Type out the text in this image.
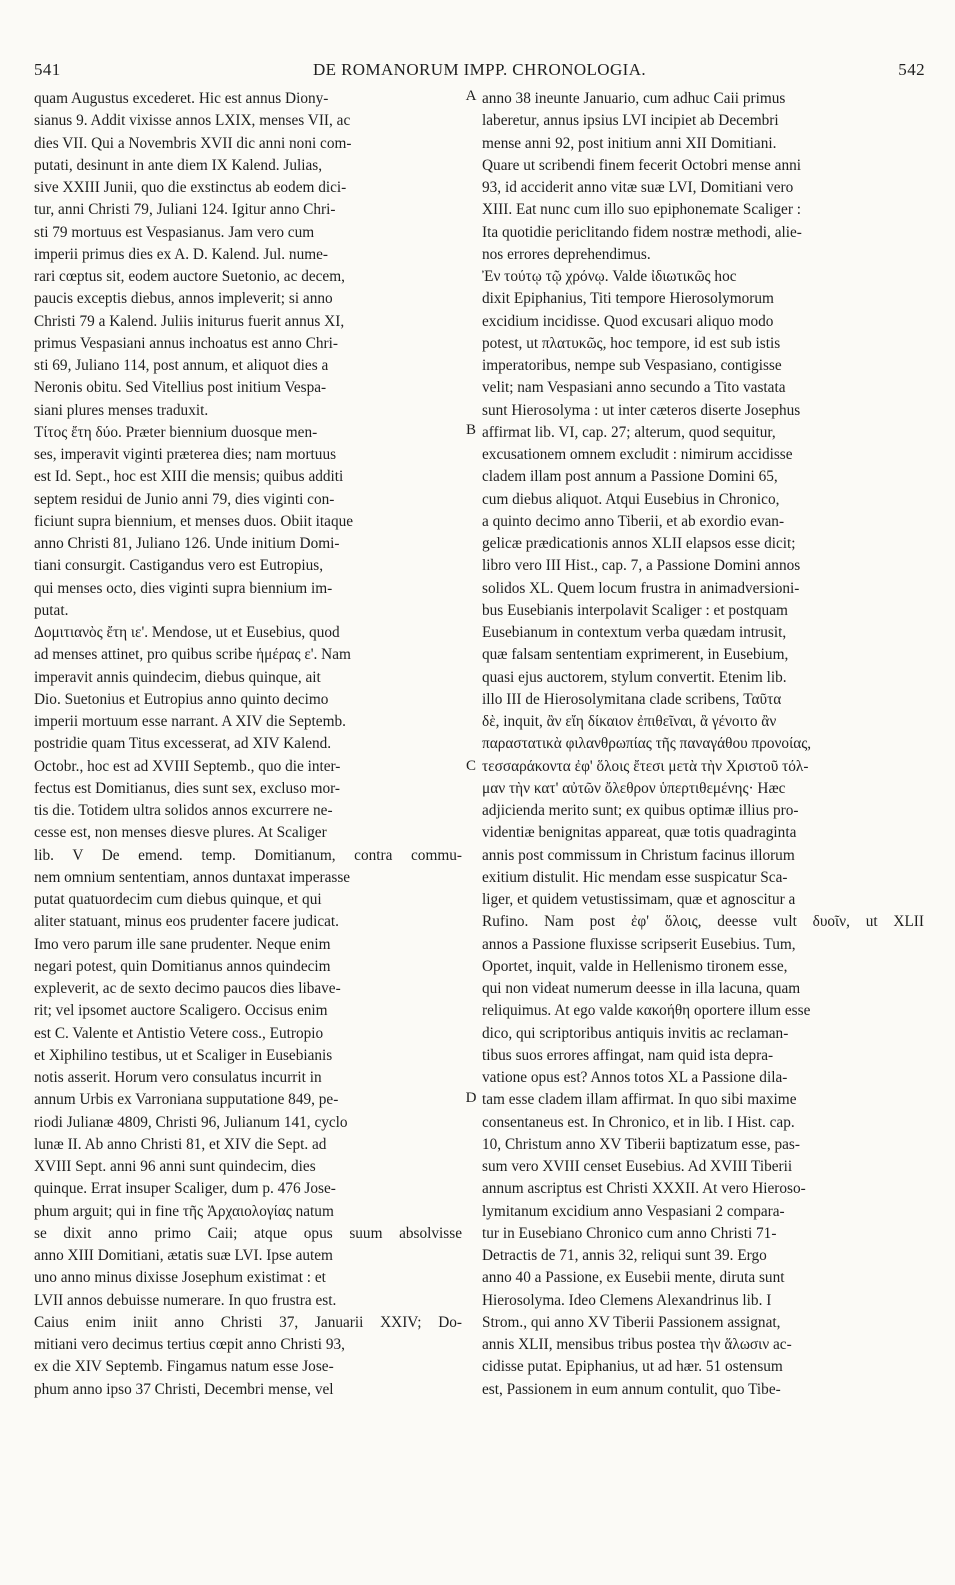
541	DE ROMANORUM IMPP. CHRONOLOGIA.	542
A
B
C
D
quam Augustus excederet. Hic est annus Diony-
sianus 9. Addit vixisse annos LXIX, menses VII, ac
dies VII. Qui a Novembris XVII dic anni noni com-
putati, desinunt in ante diem IX Kalend. Julias,
sive XXIII Junii, quo die exstinctus ab eodem dici-
tur, anni Christi 79, Juliani 124. Igitur anno Chri-
sti 79 mortuus est Vespasianus. Jam vero cum
imperii primus dies ex A. D. Kalend. Jul. nume-
rari cœptus sit, eodem auctore Suetonio, ac decem,
paucis exceptis diebus, annos impleverit; si anno
Christi 79 a Kalend. Juliis initurus fuerit annus XI,
primus Vespasiani annus inchoatus est anno Chri-
sti 69, Juliano 114, post annum, et aliquot dies a
Neronis obitu. Sed Vitellius post initium Vespa-
siani plures menses traduxit.
Τίτος ἔτη δύο. Præter biennium duosque men-
ses, imperavit viginti præterea dies; nam mortuus
est Id. Sept., hoc est XIII die mensis; quibus additi
septem residui de Junio anni 79, dies viginti con-
ficiunt supra biennium, et menses duos. Obiit itaque
anno Christi 81, Juliano 126. Unde initium Domi-
tiani consurgit. Castigandus vero est Eutropius,
qui menses octo, dies viginti supra biennium im-
putat.
Δομιτιανὸς ἔτη ιε'. Mendose, ut et Eusebius, quod
ad menses attinet, pro quibus scribe ἡμέρας ε'. Nam
imperavit annis quindecim, diebus quinque, ait
Dio. Suetonius et Eutropius anno quinto decimo
imperii mortuum esse narrant. A XIV die Septemb.
postridie quam Titus excesserat, ad XIV Kalend.
Octobr., hoc est ad XVIII Septemb., quo die inter-
fectus est Domitianus, dies sunt sex, excluso mor-
tis die. Totidem ultra solidos annos excurrere ne-
cesse est, non menses diesve plures. At Scaliger
lib. V De emend. temp. Domitianum, contra commu-
nem omnium sententiam, annos duntaxat imperasse
putat quatuordecim cum diebus quinque, et qui
aliter statuant, minus eos prudenter facere judicat.
Imo vero parum ille sane prudenter. Neque enim
negari potest, quin Domitianus annos quindecim
expleverit, ac de sexto decimo paucos dies libave-
rit; vel ipsomet auctore Scaligero. Occisus enim
est C. Valente et Antistio Vetere coss., Eutropio
et Xiphilino testibus, ut et Scaliger in Eusebianis
notis asserit. Horum vero consulatus incurrit in
annum Urbis ex Varroniana supputatione 849, pe-
riodi Julianæ 4809, Christi 96, Julianum 141, cyclo
lunæ II. Ab anno Christi 81, et XIV die Sept. ad
XVIII Sept. anni 96 anni sunt quindecim, dies
quinque. Errat insuper Scaliger, dum p. 476 Jose-
phum arguit; qui in fine τῆς Ἀρχαιολογίας natum
se dixit anno primo Caii; atque opus suum absolvisse
anno XIII Domitiani, ætatis suæ LVI. Ipse autem
uno anno minus dixisse Josephum existimat : et
LVII annos debuisse numerare. In quo frustra est.
Caius enim iniit anno Christi 37, Januarii XXIV; Do-
mitiani vero decimus tertius cœpit anno Christi 93,
ex die XIV Septemb. Fingamus natum esse Jose-
phum anno ipso 37 Christi, Decembri mense, vel
anno 38 ineunte Januario, cum adhuc Caii primus
laberetur, annus ipsius LVI incipiet ab Decembri
mense anni 92, post initium anni XII Domitiani.
Quare ut scribendi finem fecerit Octobri mense anni
93, id acciderit anno vitæ suæ LVI, Domitiani vero
XIII. Eat nunc cum illo suo epiphonemate Scaliger :
Ita quotidie periclitando fidem nostræ methodi, alie-
nos errores deprehendimus.
Ἐν τούτῳ τῷ χρόνῳ. Valde ἰδιωτικῶς hoc
dixit Epiphanius, Titi tempore Hierosolymorum
excidium incidisse. Quod excusari aliquo modo
potest, ut πλατυκῶς, hoc tempore, id est sub istis
imperatoribus, nempe sub Vespasiano, contigisse
velit; nam Vespasiani anno secundo a Tito vastata
sunt Hierosolyma : ut inter cæteros diserte Josephus
affirmat lib. VI, cap. 27; alterum, quod sequitur,
excusationem omnem excludit : nimirum accidisse
cladem illam post annum a Passione Domini 65,
cum diebus aliquot. Atqui Eusebius in Chronico,
a quinto decimo anno Tiberii, et ab exordio evan-
gelicæ prædicationis annos XLII elapsos esse dicit;
libro vero III Hist., cap. 7, a Passione Domini annos
solidos XL. Quem locum frustra in animadversioni-
bus Eusebianis interpolavit Scaliger : et postquam
Eusebianum in contextum verba quædam intrusit,
quæ falsam sententiam exprimerent, in Eusebium,
quasi ejus auctorem, stylum convertit. Etenim lib.
illo III de Hierosolymitana clade scribens, Ταῦτα
δὲ, inquit, ἂν εἴη δίκαιον ἐπιθεῖναι, ἃ γένοιτο ἂν
παραστατικὰ φιλανθρωπίας τῆς παναγάθου προνοίας,
τεσσαράκοντα ἐφ' ὅλοις ἔτεσι μετὰ τὴν Χριστοῦ τόλ-
μαν τὴν κατ' αὐτῶν ὄλεθρον ὑπερτιθεμένης· Hæc
adjicienda merito sunt; ex quibus optimæ illius pro-
videntiæ benignitas appareat, quæ totis quadraginta
annis post commissum in Christum facinus illorum
exitium distulit. Hic mendam esse suspicatur Sca-
liger, et quidem vetustissimam, quæ et agnoscitur a
Rufino. Nam post ἐφ' ὅλοις, deesse vult δυοῖν, ut XLII
annos a Passione fluxisse scripserit Eusebius. Tum,
Oportet, inquit, valde in Hellenismo tironem esse,
qui non videat numerum deesse in illa lacuna, quam
reliquimus. At ego valde κακοήθη oportere illum esse
dico, qui scriptoribus antiquis invitis ac reclaman-
tibus suos errores affingat, nam quid ista depra-
vatione opus est? Annos totos XL a Passione dila-
tam esse cladem illam affirmat. In quo sibi maxime
consentaneus est. In Chronico, et in lib. I Hist. cap.
10, Christum anno XV Tiberii baptizatum esse, pas-
sum vero XVIII censet Eusebius. Ad XVIII Tiberii
annum ascriptus est Christi XXXII. At vero Hieroso-
lymitanum excidium anno Vespasiani 2 compara-
tur in Eusebiano Chronico cum anno Christi 71-
Detractis de 71, annis 32, reliqui sunt 39. Ergo
anno 40 a Passione, ex Eusebii mente, diruta sunt
Hierosolyma. Ideo Clemens Alexandrinus lib. I
Strom., qui anno XV Tiberii Passionem assignat,
annis XLII, mensibus tribus postea τὴν ἅλωσιν ac-
cidisse putat. Epiphanius, ut ad hær. 51 ostensum
est, Passionem in eum annum contulit, quo Tibe-
